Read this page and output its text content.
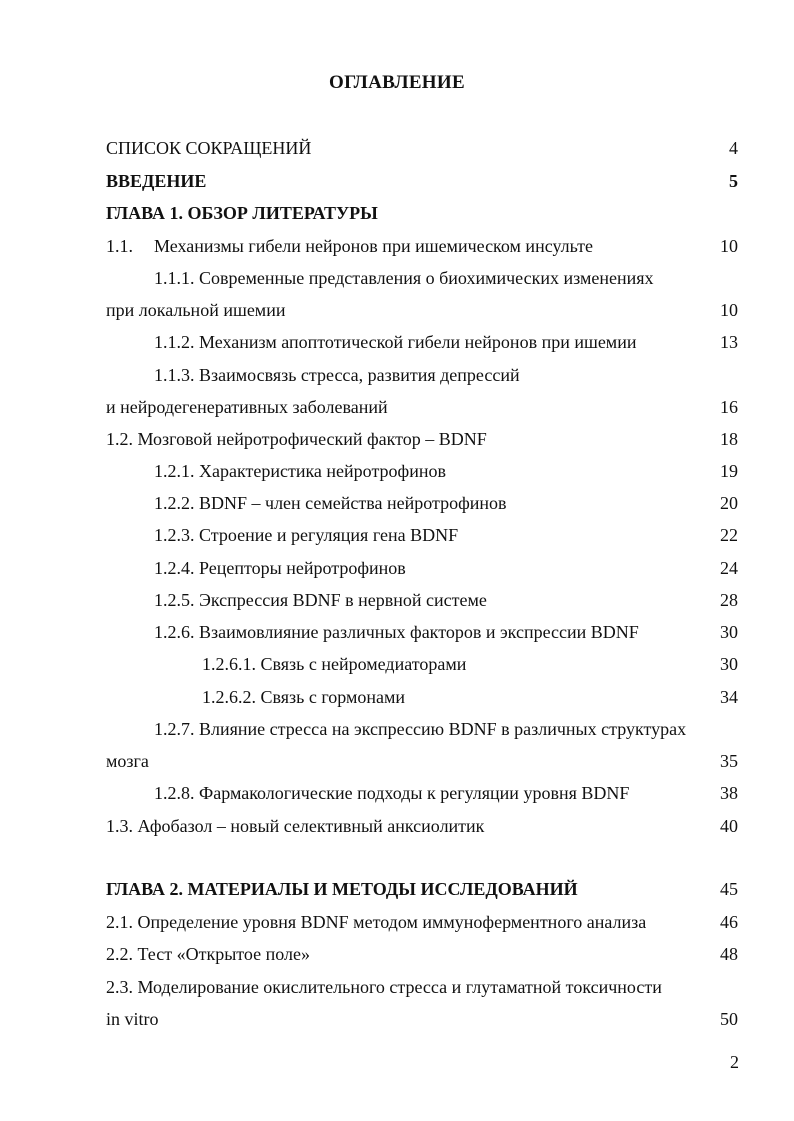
ОГЛАВЛЕНИЕ
СПИСОК СОКРАЩЕНИЙ	4
ВВЕДЕНИЕ	5
ГЛАВА 1. ОБЗОР ЛИТЕРАТУРЫ
1.1. Механизмы гибели нейронов при ишемическом инсульте	10
1.1.1. Современные представления о биохимических изменениях
при локальной ишемии	10
1.1.2. Механизм апоптотической гибели нейронов при ишемии	13
1.1.3. Взаимосвязь стресса, развития депрессий
и нейродегенеративных заболеваний	16
1.2. Мозговой нейротрофический фактор – BDNF	18
1.2.1. Характеристика нейротрофинов	19
1.2.2. BDNF – член семейства нейротрофинов	20
1.2.3. Строение и регуляция гена BDNF	22
1.2.4. Рецепторы нейротрофинов	24
1.2.5. Экспрессия BDNF в нервной системе	28
1.2.6. Взаимовлияние различных факторов и экспрессии BDNF	30
1.2.6.1. Связь с нейромедиаторами	30
1.2.6.2. Связь с гормонами	34
1.2.7. Влияние стресса на экспрессию BDNF в различных структурах
мозга	35
1.2.8. Фармакологические подходы к регуляции уровня BDNF	38
1.3. Афобазол – новый селективный анксиолитик	40
ГЛАВА 2. МАТЕРИАЛЫ И МЕТОДЫ ИССЛЕДОВАНИЙ	45
2.1. Определение уровня BDNF методом иммуноферментного анализа	46
2.2. Тест «Открытое поле»	48
2.3. Моделирование окислительного стресса и глутаматной токсичности
in vitro	50
2
